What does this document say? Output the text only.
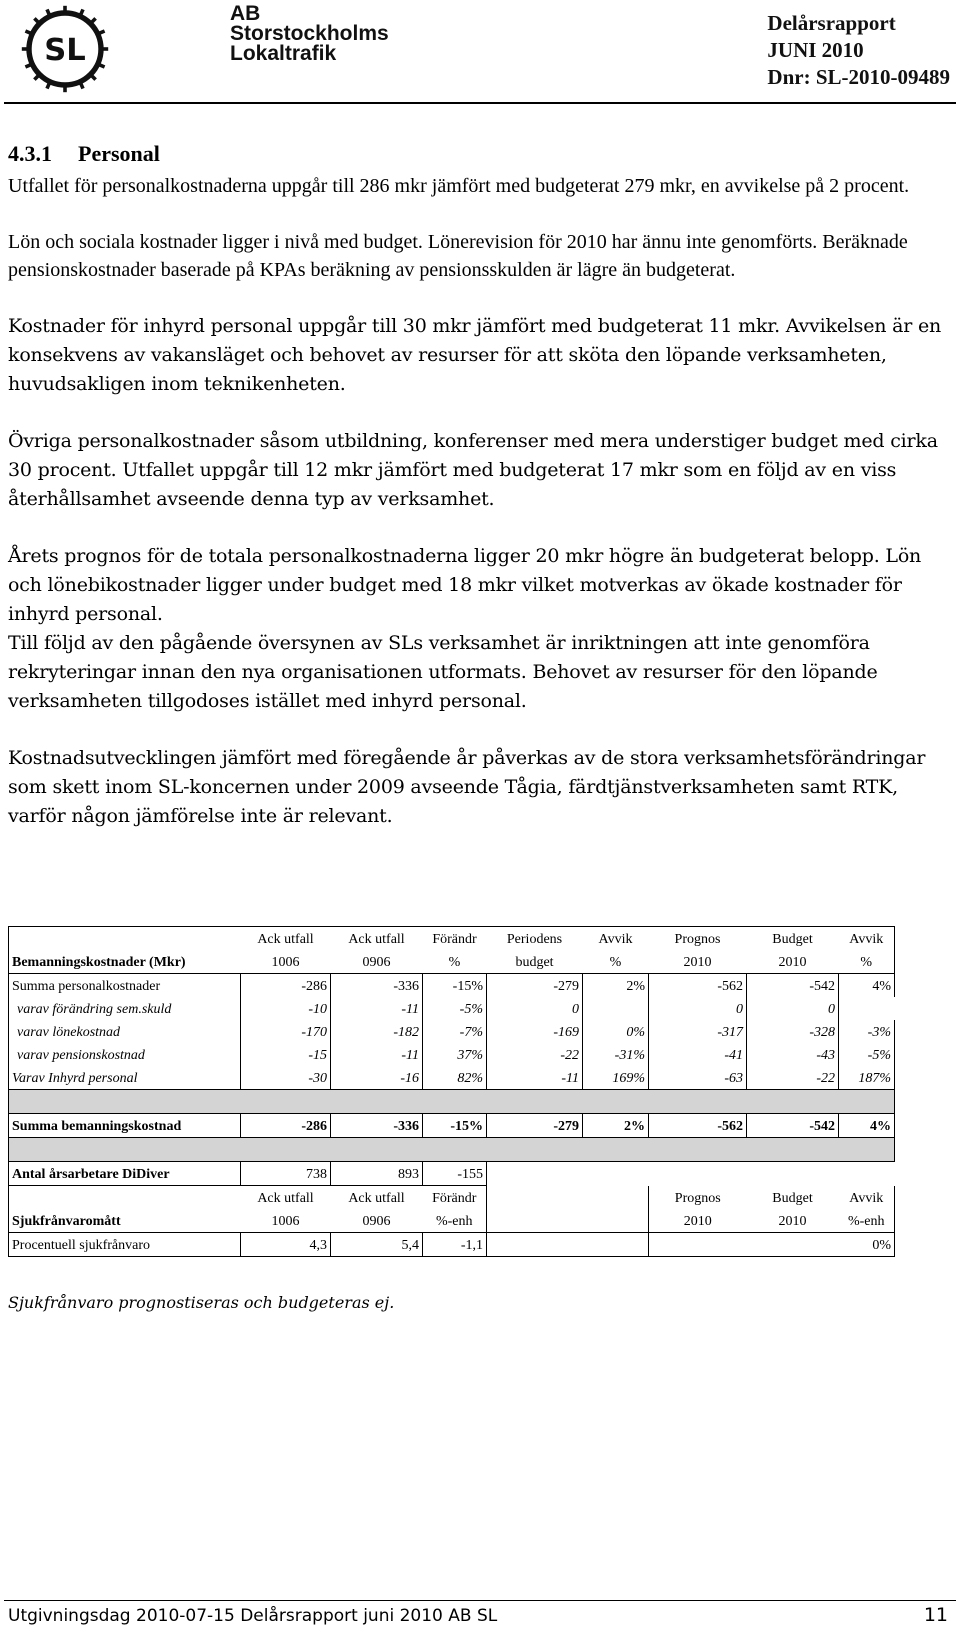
SL
AB
Storstockholms
Lokaltrafik
Delårsrapport
JUNI 2010
Dnr: SL-2010-09489
4.3.1 Personal

Utfallet för personalkostnaderna uppgår till 286 mkr jämfört med budgeterat 279 mkr, en avvikelse på 2 procent.

Lön och sociala kostnader ligger i nivå med budget. Lönerevision för 2010 har ännu inte genomförts. Beräknade pensionskostnader baserade på KPAs beräkning av pensionsskulden är lägre än budgeterat.

Kostnader för inhyrd personal uppgår till 30 mkr jämfört med budgeterat 11 mkr. Avvikelsen är en konsekvens av vakansläget och behovet av resurser för att sköta den löpande verksamheten, huvudsakligen inom teknikenheten.

Övriga personalkostnader såsom utbildning, konferenser med mera understiger budget med cirka 30 procent. Utfallet uppgår till 12 mkr jämfört med budgeterat 17 mkr som en följd av en viss återhållsamhet avseende denna typ av verksamhet.

Årets prognos för de totala personalkostnaderna ligger 20 mkr högre än budgeterat belopp. Lön och lönebikostnader ligger under budget med 18 mkr vilket motverkas av ökade kostnader för inhyrd personal.

Till följd av den pågående översynen av SLs verksamhet är inriktningen att inte genomföra rekryteringar innan den nya organisationen utformats. Behovet av resurser för den löpande verksamheten tillgodoses istället med inhyrd personal.

Kostnadsutvecklingen jämfört med föregående år påverkas av de stora verksamhetsförändringar som skett inom SL-koncernen under 2009 avseende Tågia, färdtjänstverksamheten samt RTK, varför någon jämförelse inte är relevant.

	Ack utfall	Ack utfall	Förändr	Periodens	Avvik	Prognos	Budget	Avvik
Bemanningskostnader (Mkr)	1006	0906	%	budget	%	2010	2010	%
Summa personalkostnader	-286	-336	-15%	-279	2%	-562	-542	4%
varav förändring sem.skuld	-10	-11	-5%	0		0	0	
varav lönekostnad	-170	-182	-7%	-169	0%	-317	-328	-3%
varav pensionskostnad	-15	-11	37%	-22	-31%	-41	-43	-5%
Varav Inhyrd personal	-30	-16	82%	-11	169%	-63	-22	187%

Summa bemanningskostnad	-286	-336	-15%	-279	2%	-562	-542	4%

Antal årsarbetare DiDiver	738	893	-155					
	Ack utfall	Ack utfall	Förändr			Prognos	Budget	Avvik
Sjukfrånvaromått	1006	0906	%-enh			2010	2010	%-enh
Procentuell sjukfrånvaro	4,3	5,4	-1,1					0%
Sjukfrånvaro prognostiseras och budgeteras ej.
Utgivningsdag 2010-07-15 Delårsrapport juni 2010 AB SL	11
